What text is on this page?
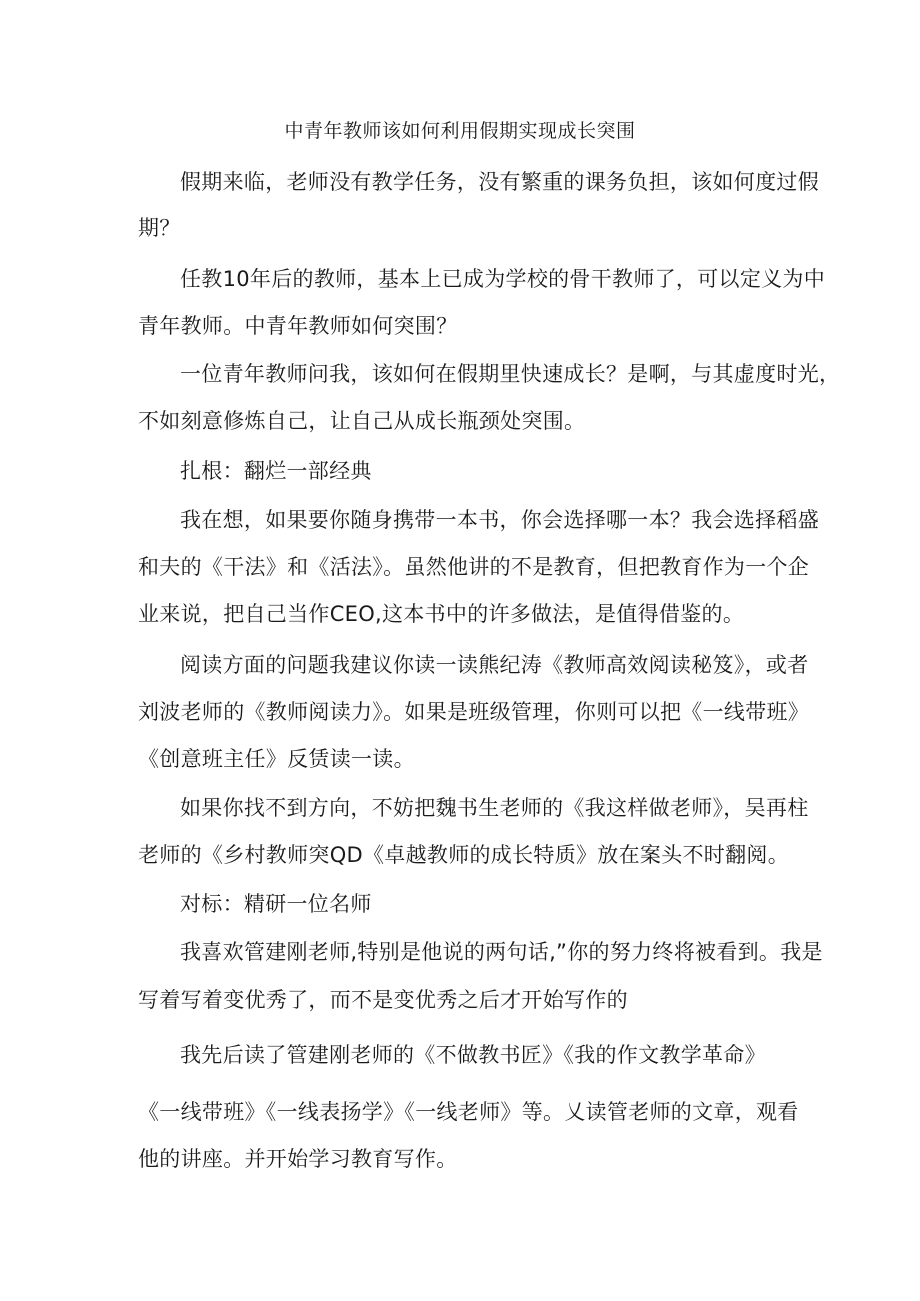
中青年教师该如何利用假期实现成长突围
假期来临，老师没有教学任务，没有繁重的课务负担，该如何度过假
期？
任教10年后的教师，基本上已成为学校的骨干教师了，可以定义为中
青年教师。中青年教师如何突围？
一位青年教师问我，该如何在假期里快速成长？是啊，与其虚度时光，
不如刻意修炼自己，让自己从成长瓶颈处突围。
扎根：翻烂一部经典
我在想，如果要你随身携带一本书，你会选择哪一本？我会选择稻盛
和夫的《干法》和《活法》。虽然他讲的不是教育，但把教育作为一个企
业来说，把自己当作CEO,这本书中的许多做法，是值得借鉴的。
阅读方面的问题我建议你读一读熊纪涛《教师高效阅读秘笈》，或者
刘波老师的《教师阅读力》。如果是班级管理，你则可以把《一线带班》
《创意班主任》反赁读一读。
如果你找不到方向，不妨把魏书生老师的《我这样做老师》，吴再柱
老师的《乡村教师突QD《卓越教师的成长特质》放在案头不时翻阅。
对标：精研一位名师
我喜欢管建刚老师,特别是他说的两句话,”你的努力终将被看到。我是
写着写着变优秀了，而不是变优秀之后才开始写作的
我先后读了管建刚老师的《不做教书匠》《我的作文教学革命》
《一线带班》《一线表扬学》《一线老师》等。乂读管老师的文章，观看
他的讲座。并开始学习教育写作。
